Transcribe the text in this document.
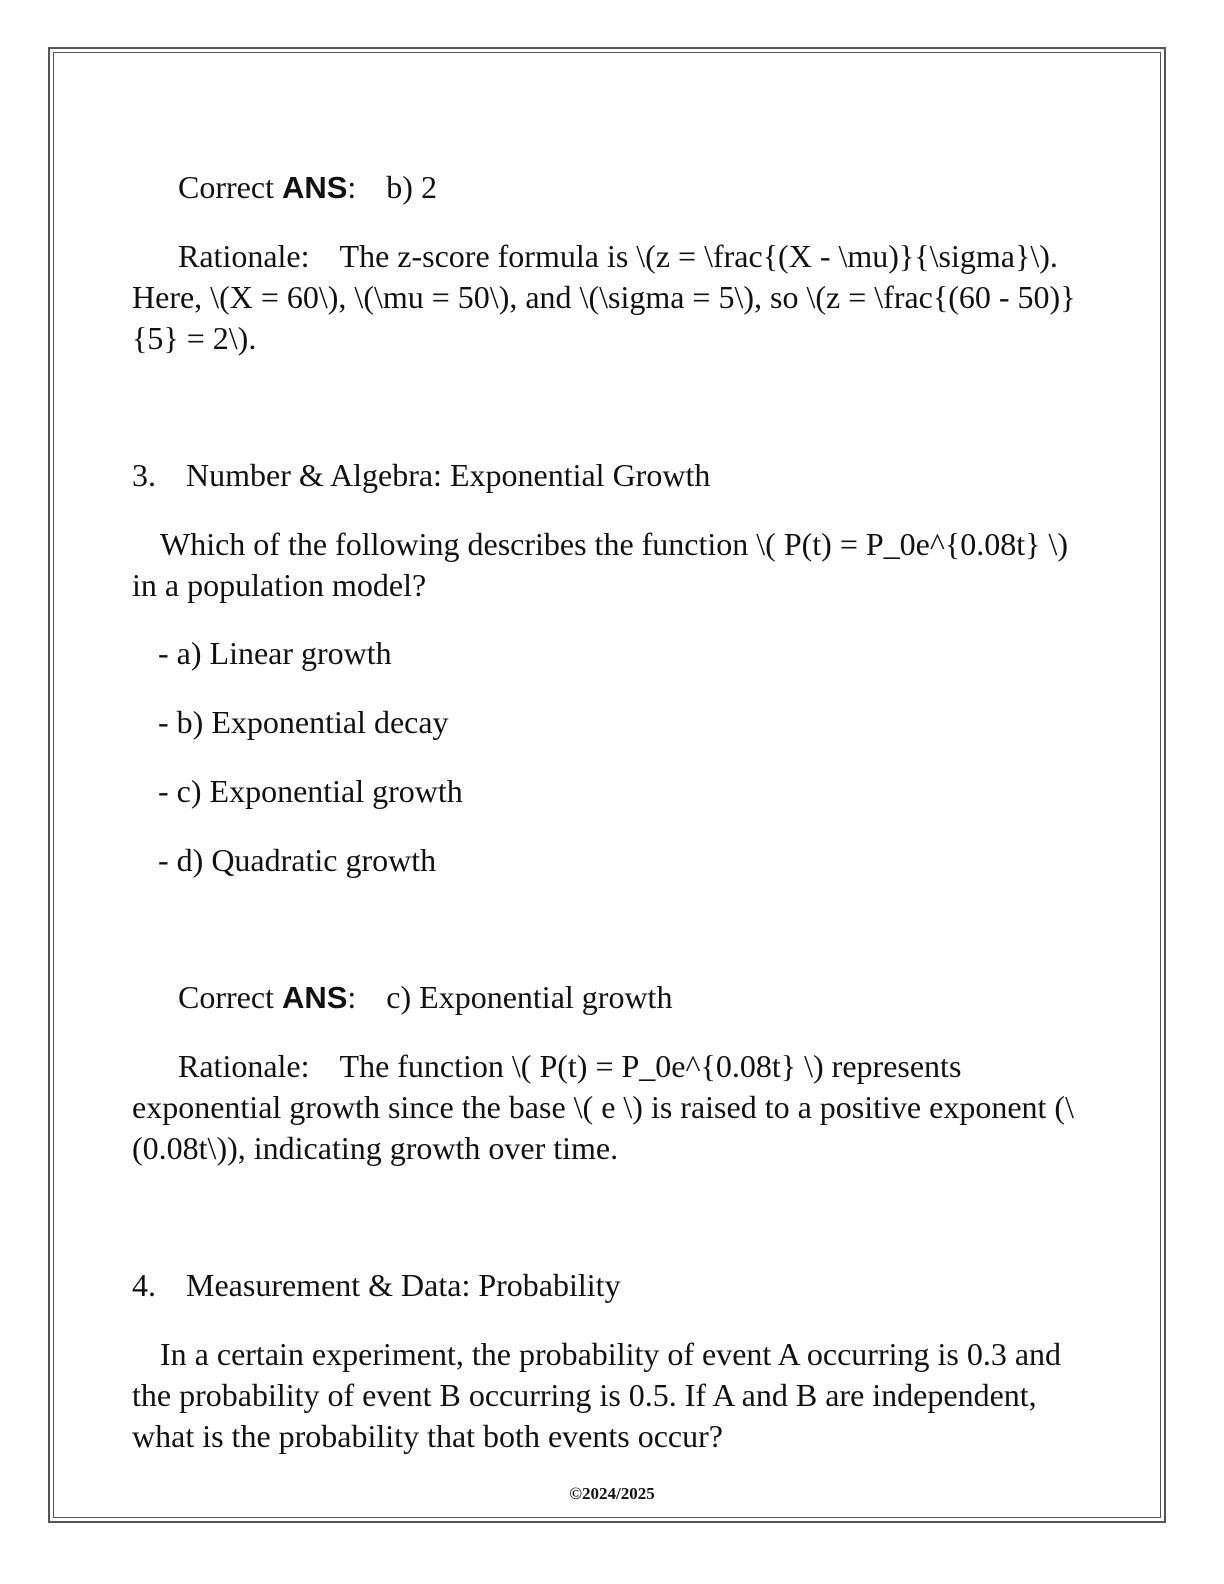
Correct ANS: b) 2
Rationale: The z-score formula is \(z = \frac{(X - \mu)}{\sigma}\). Here, \(X = 60\), \(\mu = 50\), and \(\sigma = 5\), so \(z = \frac{(60 - 50)}{5} = 2\).
3. Number & Algebra: Exponential Growth
Which of the following describes the function \( P(t) = P_0e^{0.08t} \) in a population model?
- a) Linear growth
- b) Exponential decay
- c) Exponential growth
- d) Quadratic growth
Correct ANS: c) Exponential growth
Rationale: The function \( P(t) = P_0e^{0.08t} \) represents exponential growth since the base \( e \) is raised to a positive exponent (\(0.08t\)), indicating growth over time.
4. Measurement & Data: Probability
In a certain experiment, the probability of event A occurring is 0.3 and the probability of event B occurring is 0.5. If A and B are independent, what is the probability that both events occur?
©2024/2025
